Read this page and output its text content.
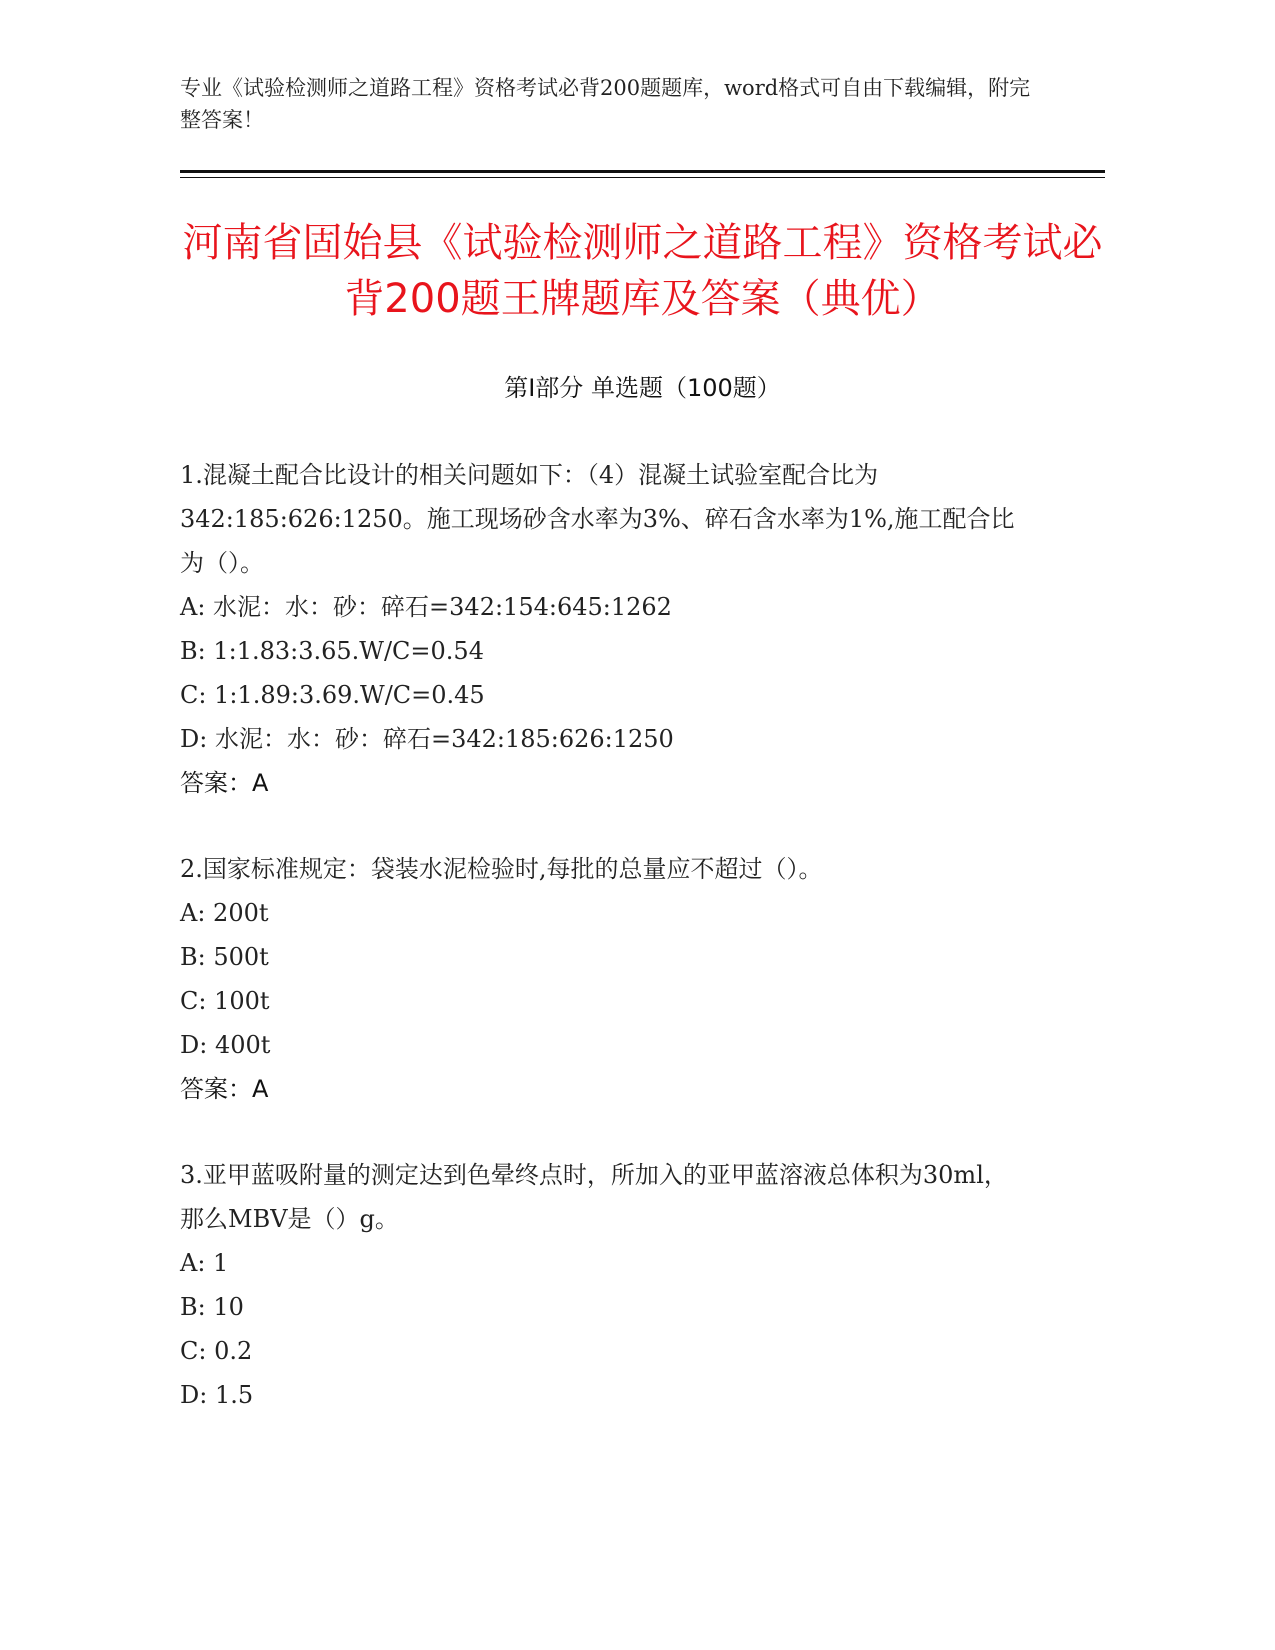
专业《试验检测师之道路工程》资格考试必背200题题库，word格式可自由下载编辑，附完整答案！
河南省固始县《试验检测师之道路工程》资格考试必背200题王牌题库及答案（典优）
第I部分 单选题（100题）

1.混凝土配合比设计的相关问题如下：（4）混凝土试验室配合比为342:185:626:1250。施工现场砂含水率为3%、碎石含水率为1%,施工配合比为（）。

A: 水泥：水：砂：碎石=342:154:645:1262

B: 1:1.83:3.65.W/C=0.54

C: 1:1.89:3.69.W/C=0.45

D: 水泥：水：砂：碎石=342:185:626:1250

答案：A

2.国家标准规定：袋装水泥检验时,每批的总量应不超过（）。

A: 200t

B: 500t

C: 100t

D: 400t

答案：A

3.亚甲蓝吸附量的测定达到色晕终点时，所加入的亚甲蓝溶液总体积为30ml，那么MBV是（）g。

A: 1

B: 10

C: 0.2

D: 1.5
